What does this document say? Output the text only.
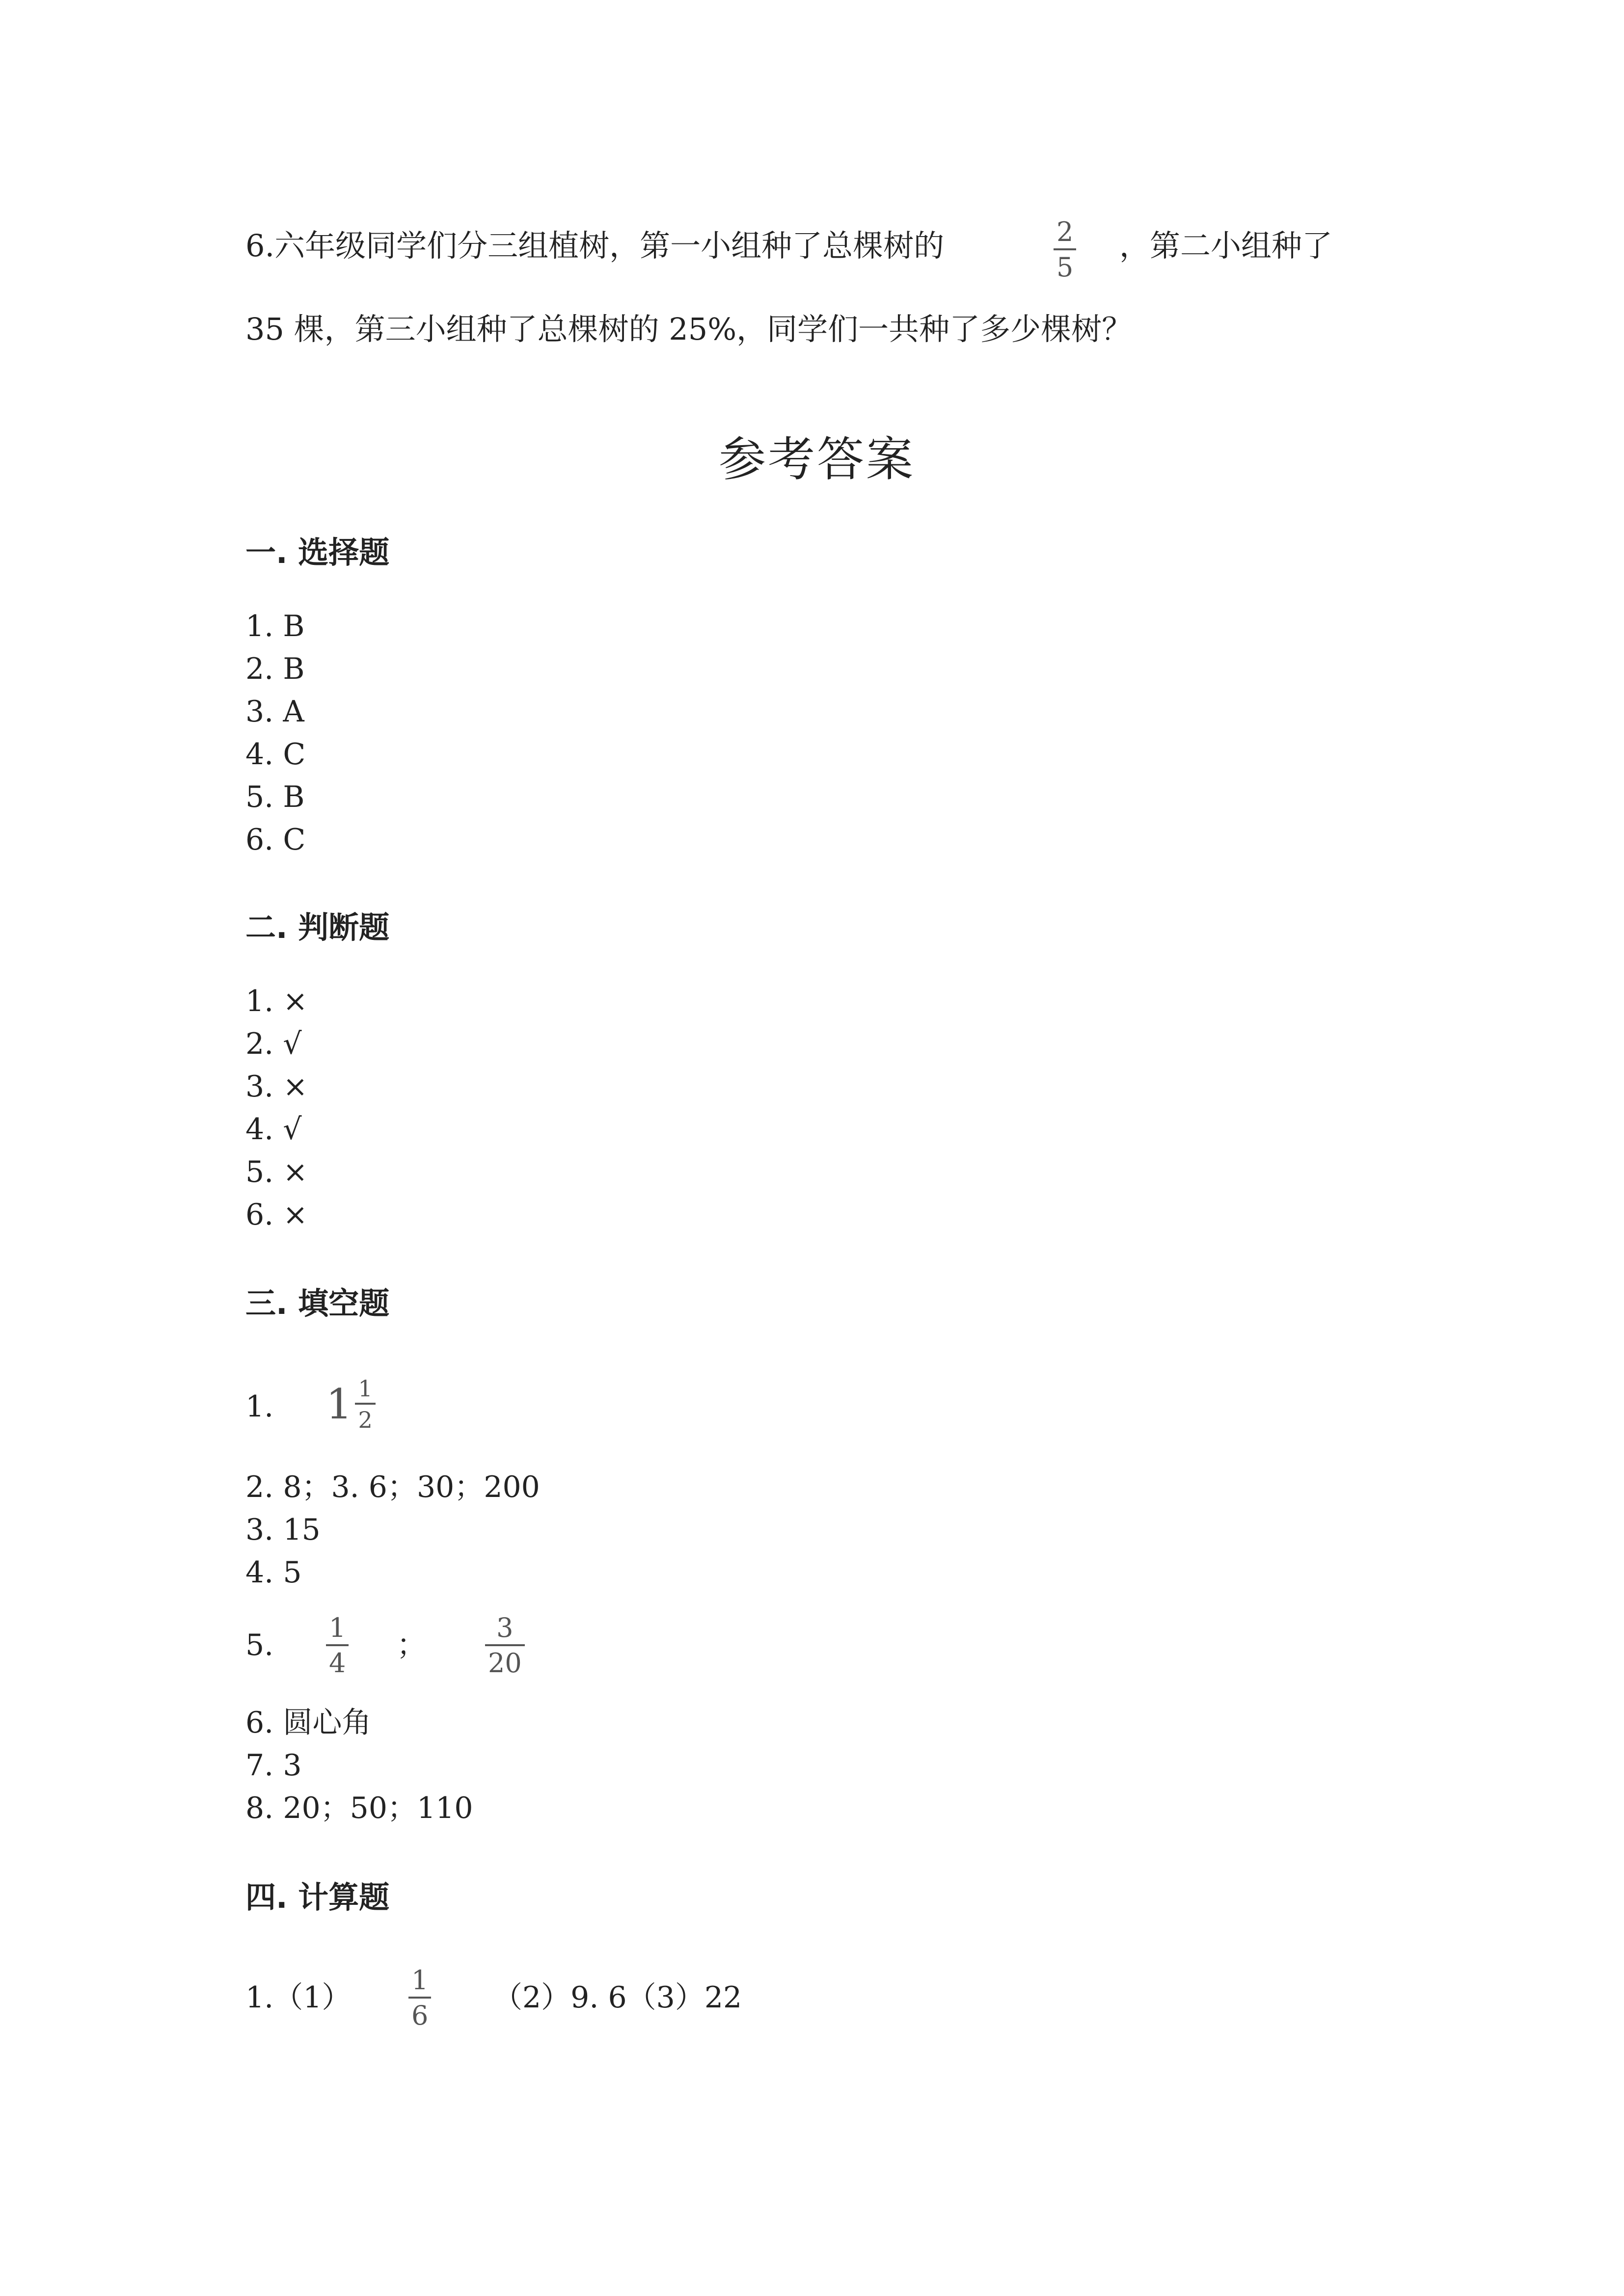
6.六年级同学们分三组植树，第一小组种了总棵树的	2
5
，第二小组种了
35 棵，第三小组种了总棵树的 25%，同学们一共种了多少棵树？
参考答案
一. 选择题
1. B
2. B
3. A
4. C
5. B
6. C
二. 判断题
1. ×
2. √
3. ×
4. √
5. ×
6. ×
三. 填空题
1. $1 \frac{1}{2}$
2. 8；3. 6；30；200
3. 15
4. 5
5.
1
4
；
3
20
6. 圆心角
7. 3
8. 20；50；110
四. 计算题
1.（1）
1
6
（2）9. 6（3）22
